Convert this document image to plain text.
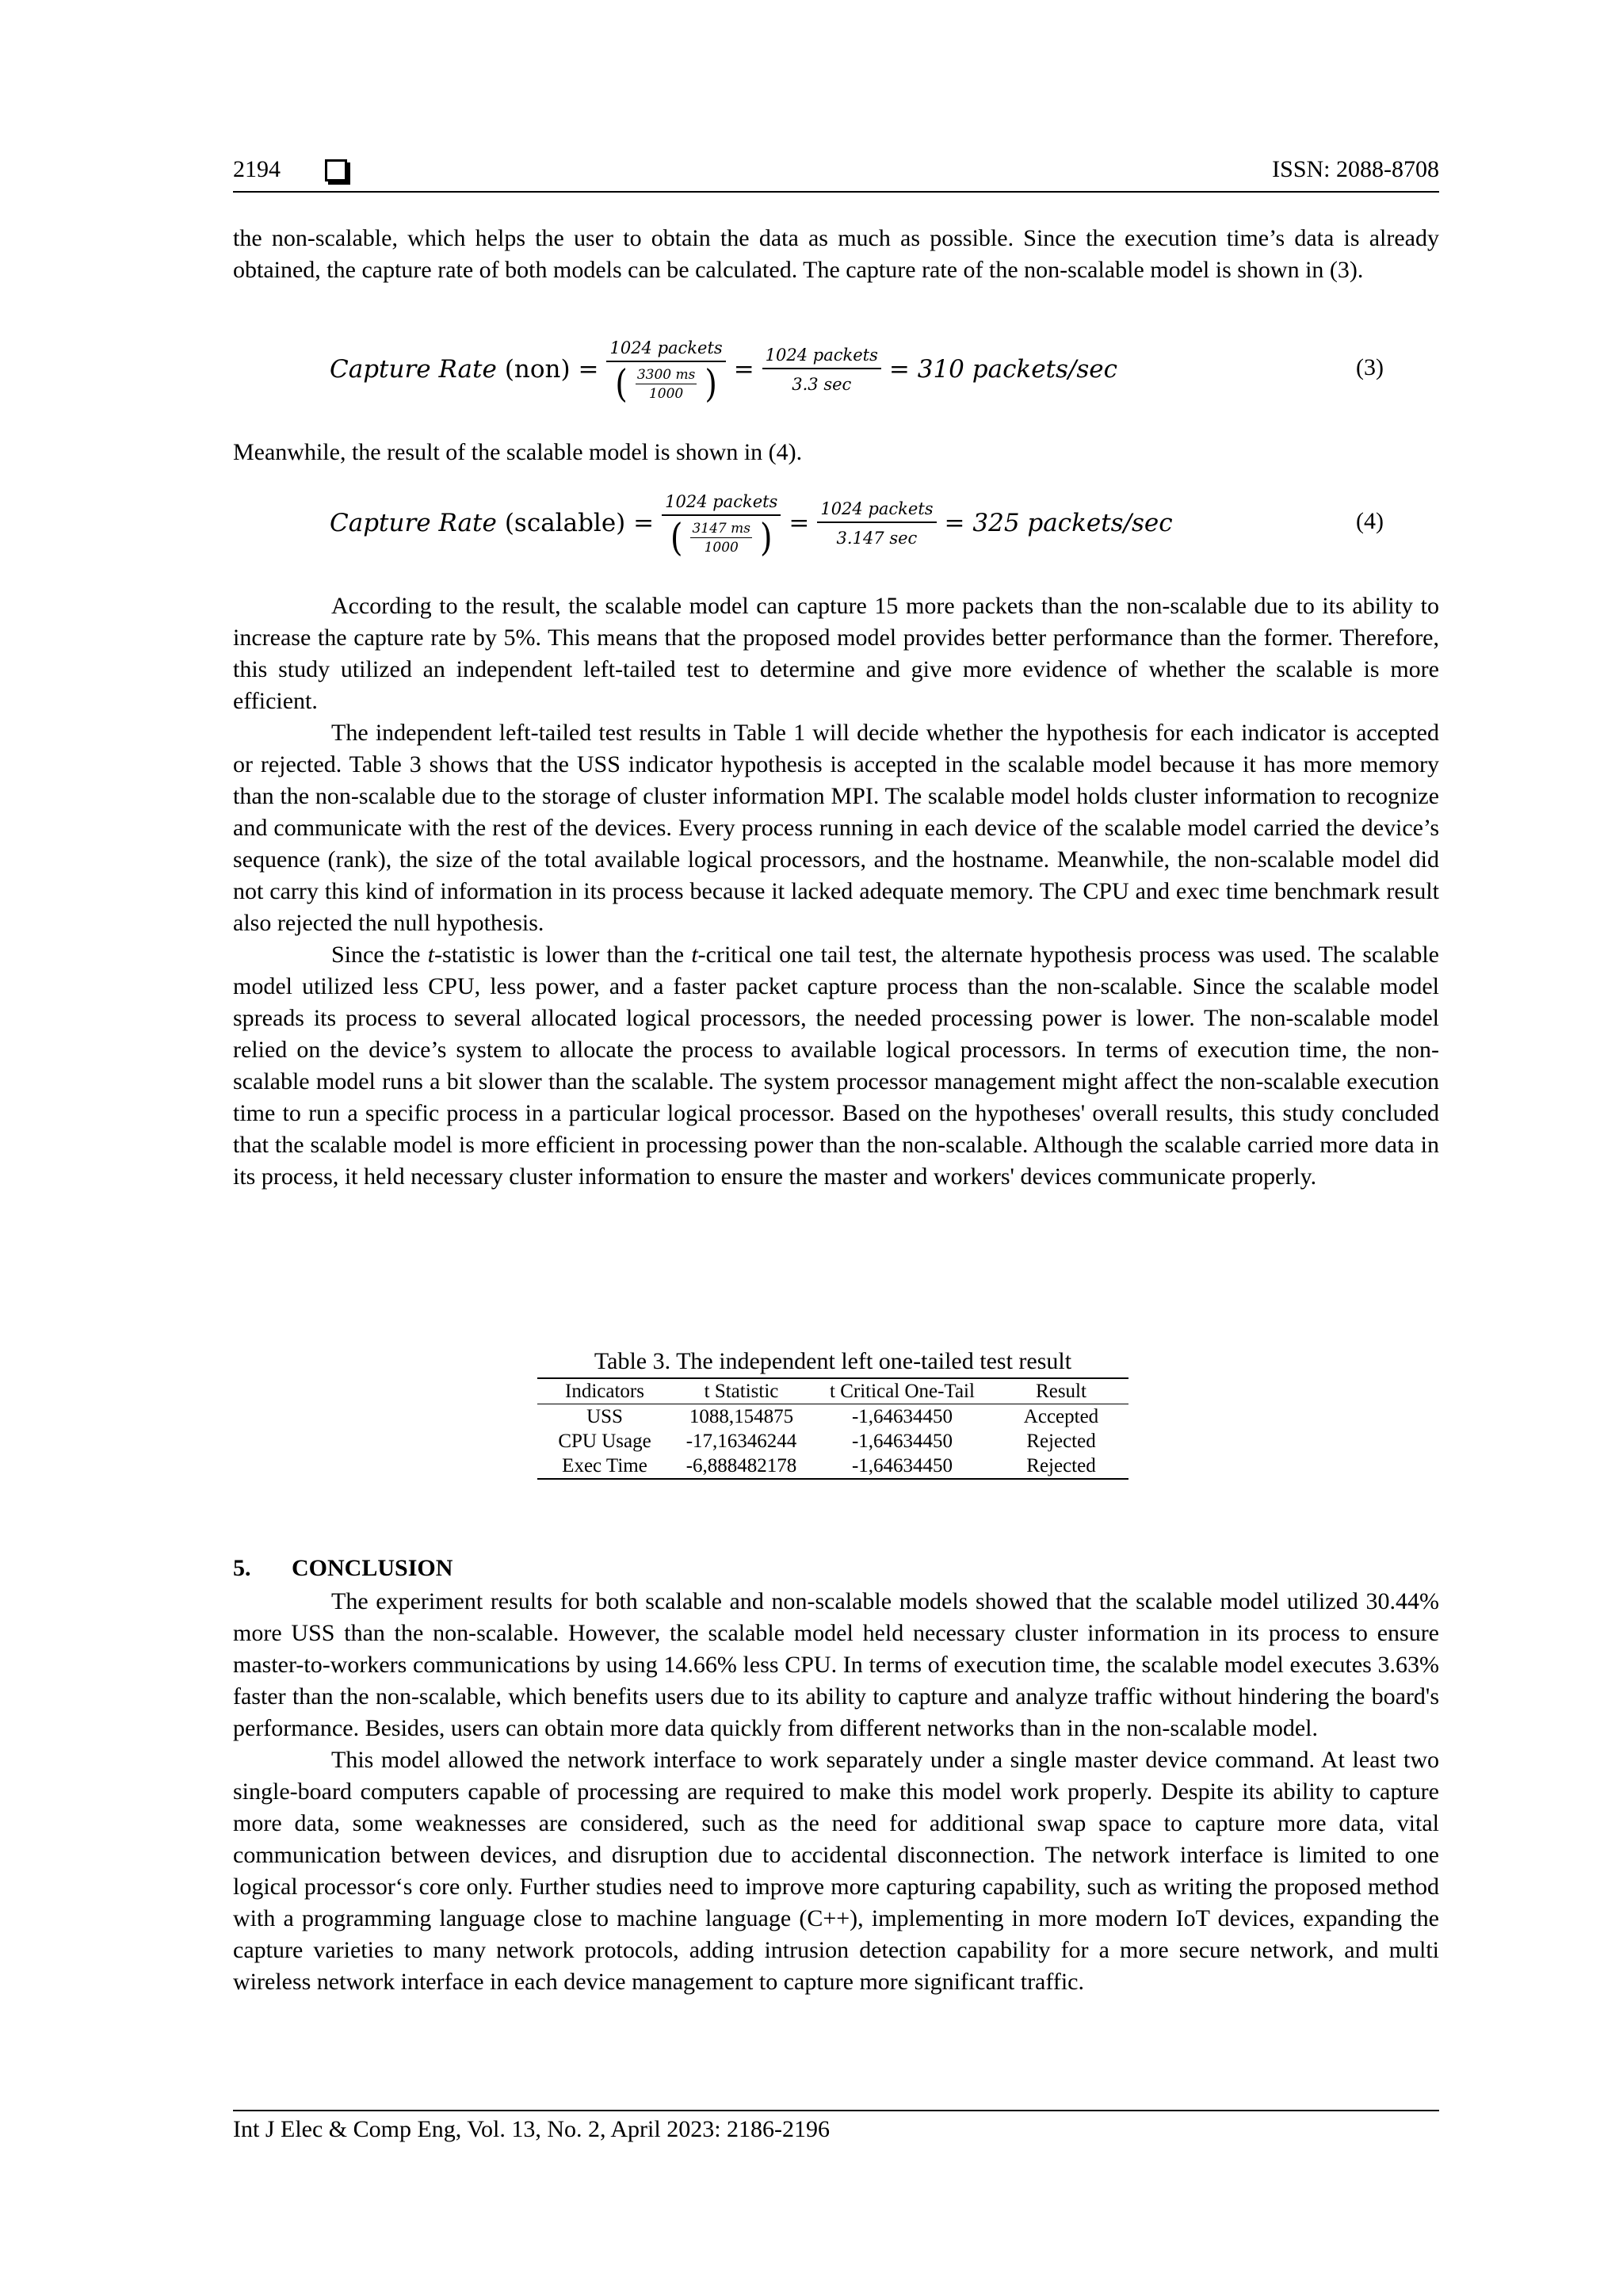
2194	ISSN: 2088-8708

the non-scalable, which helps the user to obtain the data as much as possible. Since the execution time’s data is already obtained, the capture rate of both models can be calculated. The capture rate of the non-scalable model is shown in (3).

Capture Rate (non) =
1024 packets
( $\frac{3300 ms}{1000}$ ) = $\frac{\text{1024 packets}}{3.3 \sec} = 310$ packets/sec	(3)

Meanwhile, the result of the scalable model is shown in (4).

Capture Rate (scalable) =
1024 packets
( $\frac{3147 ms}{1000}$ ) = $\frac{\text{1024 packets}}{3.147 \sec} = 325$ packets/sec	(4)

According to the result, the scalable model can capture 15 more packets than the non-scalable due to its ability to increase the capture rate by 5%. This means that the proposed model provides better performance than the former. Therefore, this study utilized an independent left-tailed test to determine and give more evidence of whether the scalable is more efficient.

The independent left-tailed test results in Table 1 will decide whether the hypothesis for each indicator is accepted or rejected. Table 3 shows that the USS indicator hypothesis is accepted in the scalable model because it has more memory than the non-scalable due to the storage of cluster information MPI. The scalable model holds cluster information to recognize and communicate with the rest of the devices. Every process running in each device of the scalable model carried the device’s sequence (rank), the size of the total available logical processors, and the hostname. Meanwhile, the non-scalable model did not carry this kind of information in its process because it lacked adequate memory. The CPU and exec time benchmark result also rejected the null hypothesis.

Since the t-statistic is lower than the t-critical one tail test, the alternate hypothesis process was used. The scalable model utilized less CPU, less power, and a faster packet capture process than the non-scalable. Since the scalable model spreads its process to several allocated logical processors, the needed processing power is lower. The non-scalable model relied on the device’s system to allocate the process to available logical processors. In terms of execution time, the non-scalable model runs a bit slower than the scalable. The system processor management might affect the non-scalable execution time to run a specific process in a particular logical processor. Based on the hypotheses' overall results, this study concluded that the scalable model is more efficient in processing power than the non-scalable. Although the scalable carried more data in its process, it held necessary cluster information to ensure the master and workers' devices communicate properly.

Table 3. The independent left one-tailed test result
Indicators	t Statistic	t Critical One-Tail	Result
USS	1088,154875	-1,64634450	Accepted
CPU Usage	-17,16346244	-1,64634450	Rejected
Exec Time	-6,888482178	-1,64634450	Rejected
5. CONCLUSION

The experiment results for both scalable and non-scalable models showed that the scalable model utilized 30.44% more USS than the non-scalable. However, the scalable model held necessary cluster information in its process to ensure master-to-workers communications by using 14.66% less CPU. In terms of execution time, the scalable model executes 3.63% faster than the non-scalable, which benefits users due to its ability to capture and analyze traffic without hindering the board's performance. Besides, users can obtain more data quickly from different networks than in the non-scalable model.

This model allowed the network interface to work separately under a single master device command. At least two single-board computers capable of processing are required to make this model work properly. Despite its ability to capture more data, some weaknesses are considered, such as the need for additional swap space to capture more data, vital communication between devices, and disruption due to accidental disconnection. The network interface is limited to one logical processor‘s core only. Further studies need to improve more capturing capability, such as writing the proposed method with a programming language close to machine language (C++), implementing in more modern IoT devices, expanding the capture varieties to many network protocols, adding intrusion detection capability for a more secure network, and multi wireless network interface in each device management to capture more significant traffic.

Int J Elec & Comp Eng, Vol. 13, No. 2, April 2023: 2186-2196
